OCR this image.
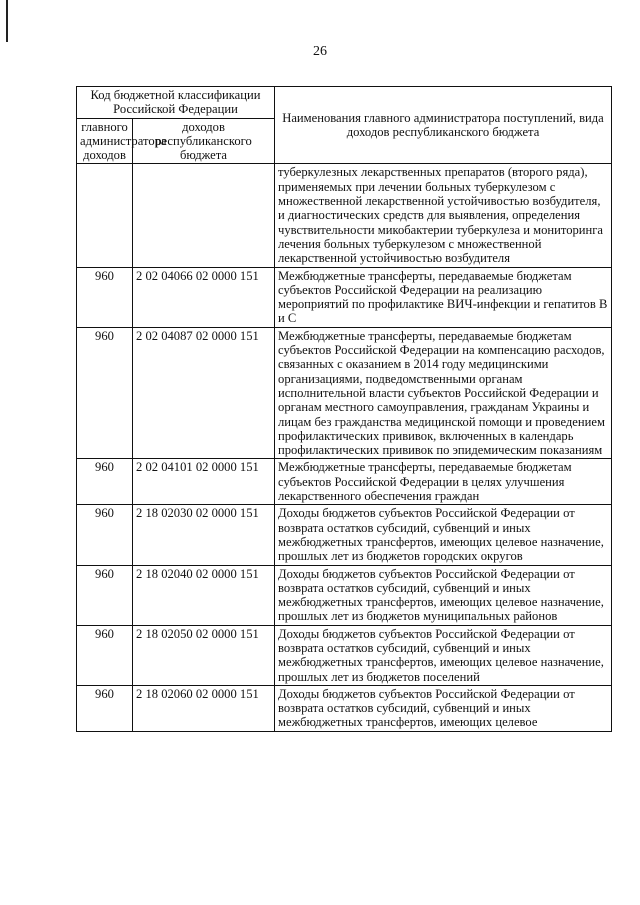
26
Код бюджетной классификации Российской Федерации		Наименования главного администратора поступлений, вида доходов республиканского бюджета
главного администратора доходов	доходов республиканского бюджета	
		туберкулезных лекарственных препаратов (второго ряда), применяемых при лечении больных туберкулезом с множественной лекарственной устойчивостью возбудителя, и диагностических средств для выявления, определения чувствительности микобактерии туберкулеза и мониторинга лечения больных туберкулезом с множественной лекарственной устойчивостью возбудителя
960	2 02 04066 02 0000 151	Межбюджетные трансферты, передаваемые бюджетам субъектов Российской Федерации на реализацию мероприятий по профилактике ВИЧ-инфекции и гепатитов В и С
960	2 02 04087 02 0000 151	Межбюджетные трансферты, передаваемые бюджетам субъектов Российской Федерации на компенсацию расходов, связанных с оказанием в 2014 году медицинскими организациями, подведомственными органам исполнительной власти субъектов Российской Федерации и органам местного самоуправления, гражданам Украины и лицам без гражданства медицинской помощи и проведением профилактических прививок, включенных в календарь профилактических прививок по эпидемическим показаниям
960	2 02 04101 02 0000 151	Межбюджетные трансферты, передаваемые бюджетам субъектов Российской Федерации в целях улучшения лекарственного обеспечения граждан
960	2 18 02030 02 0000 151	Доходы бюджетов субъектов Российской Федерации от возврата остатков субсидий, субвенций и иных межбюджетных трансфертов, имеющих целевое назначение, прошлых лет из бюджетов городских округов
960	2 18 02040 02 0000 151	Доходы бюджетов субъектов Российской Федерации от возврата остатков субсидий, субвенций и иных межбюджетных трансфертов, имеющих целевое назначение, прошлых лет из бюджетов муниципальных районов
960	2 18 02050 02 0000 151	Доходы бюджетов субъектов Российской Федерации от возврата остатков субсидий, субвенций и иных межбюджетных трансфертов, имеющих целевое назначение, прошлых лет из бюджетов поселений
960	2 18 02060 02 0000 151	Доходы бюджетов субъектов Российской Федерации от возврата остатков субсидий, субвенций и иных межбюджетных трансфертов, имеющих целевое
